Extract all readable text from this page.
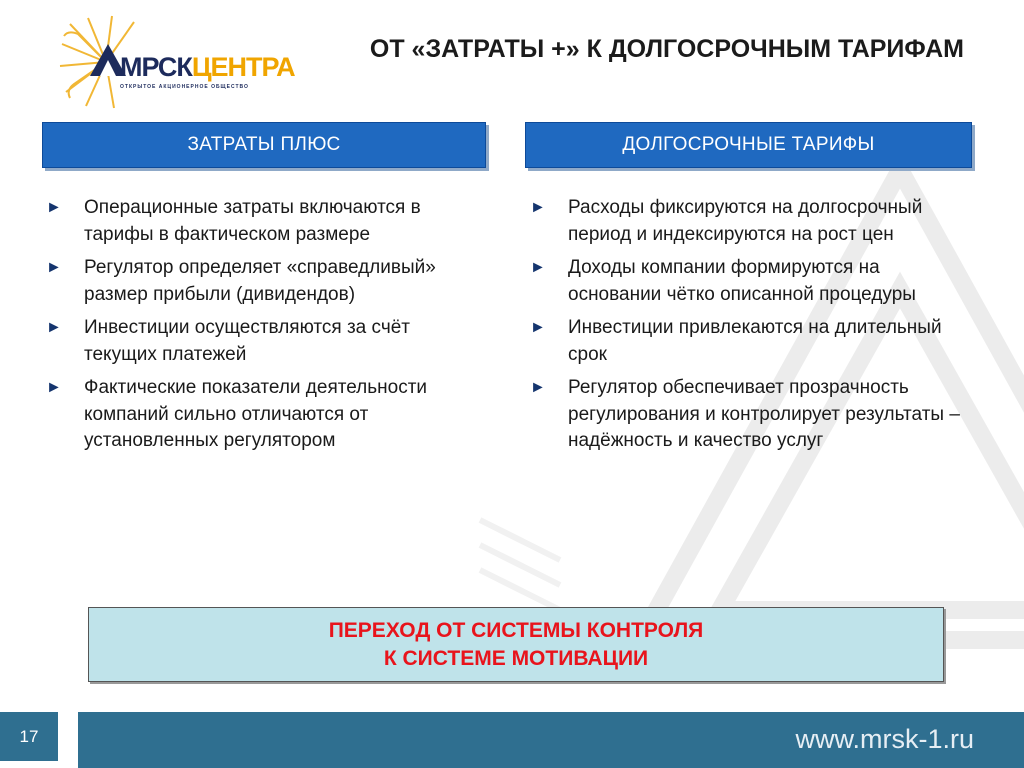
МРСКЦЕНТРА
ОТКРЫТОЕ АКЦИОНЕРНОЕ ОБЩЕСТВО
ОТ «ЗАТРАТЫ +» К ДОЛГОСРОЧНЫМ ТАРИФАМ
ЗАТРАТЫ ПЛЮС	ДОЛГОСРОЧНЫЕ ТАРИФЫ
► Операционные затраты включаются в тарифы в фактическом размере
► Регулятор определяет «справедливый» размер прибыли (дивидендов)
► Инвестиции осуществляются за счёт текущих платежей
► Фактические показатели деятельности компаний сильно отличаются от установленных регулятором
► Расходы фиксируются на долгосрочный период и индексируются на рост цен
► Доходы компании формируются на основании чётко описанной процедуры
► Инвестиции привлекаются на длительный срок
► Регулятор обеспечивает прозрачность регулирования и контролирует результаты – надёжность и качество услуг
ПЕРЕХОД ОТ СИСТЕМЫ КОНТРОЛЯ
К СИСТЕМЕ МОТИВАЦИИ
17	www.mrsk-1.ru
